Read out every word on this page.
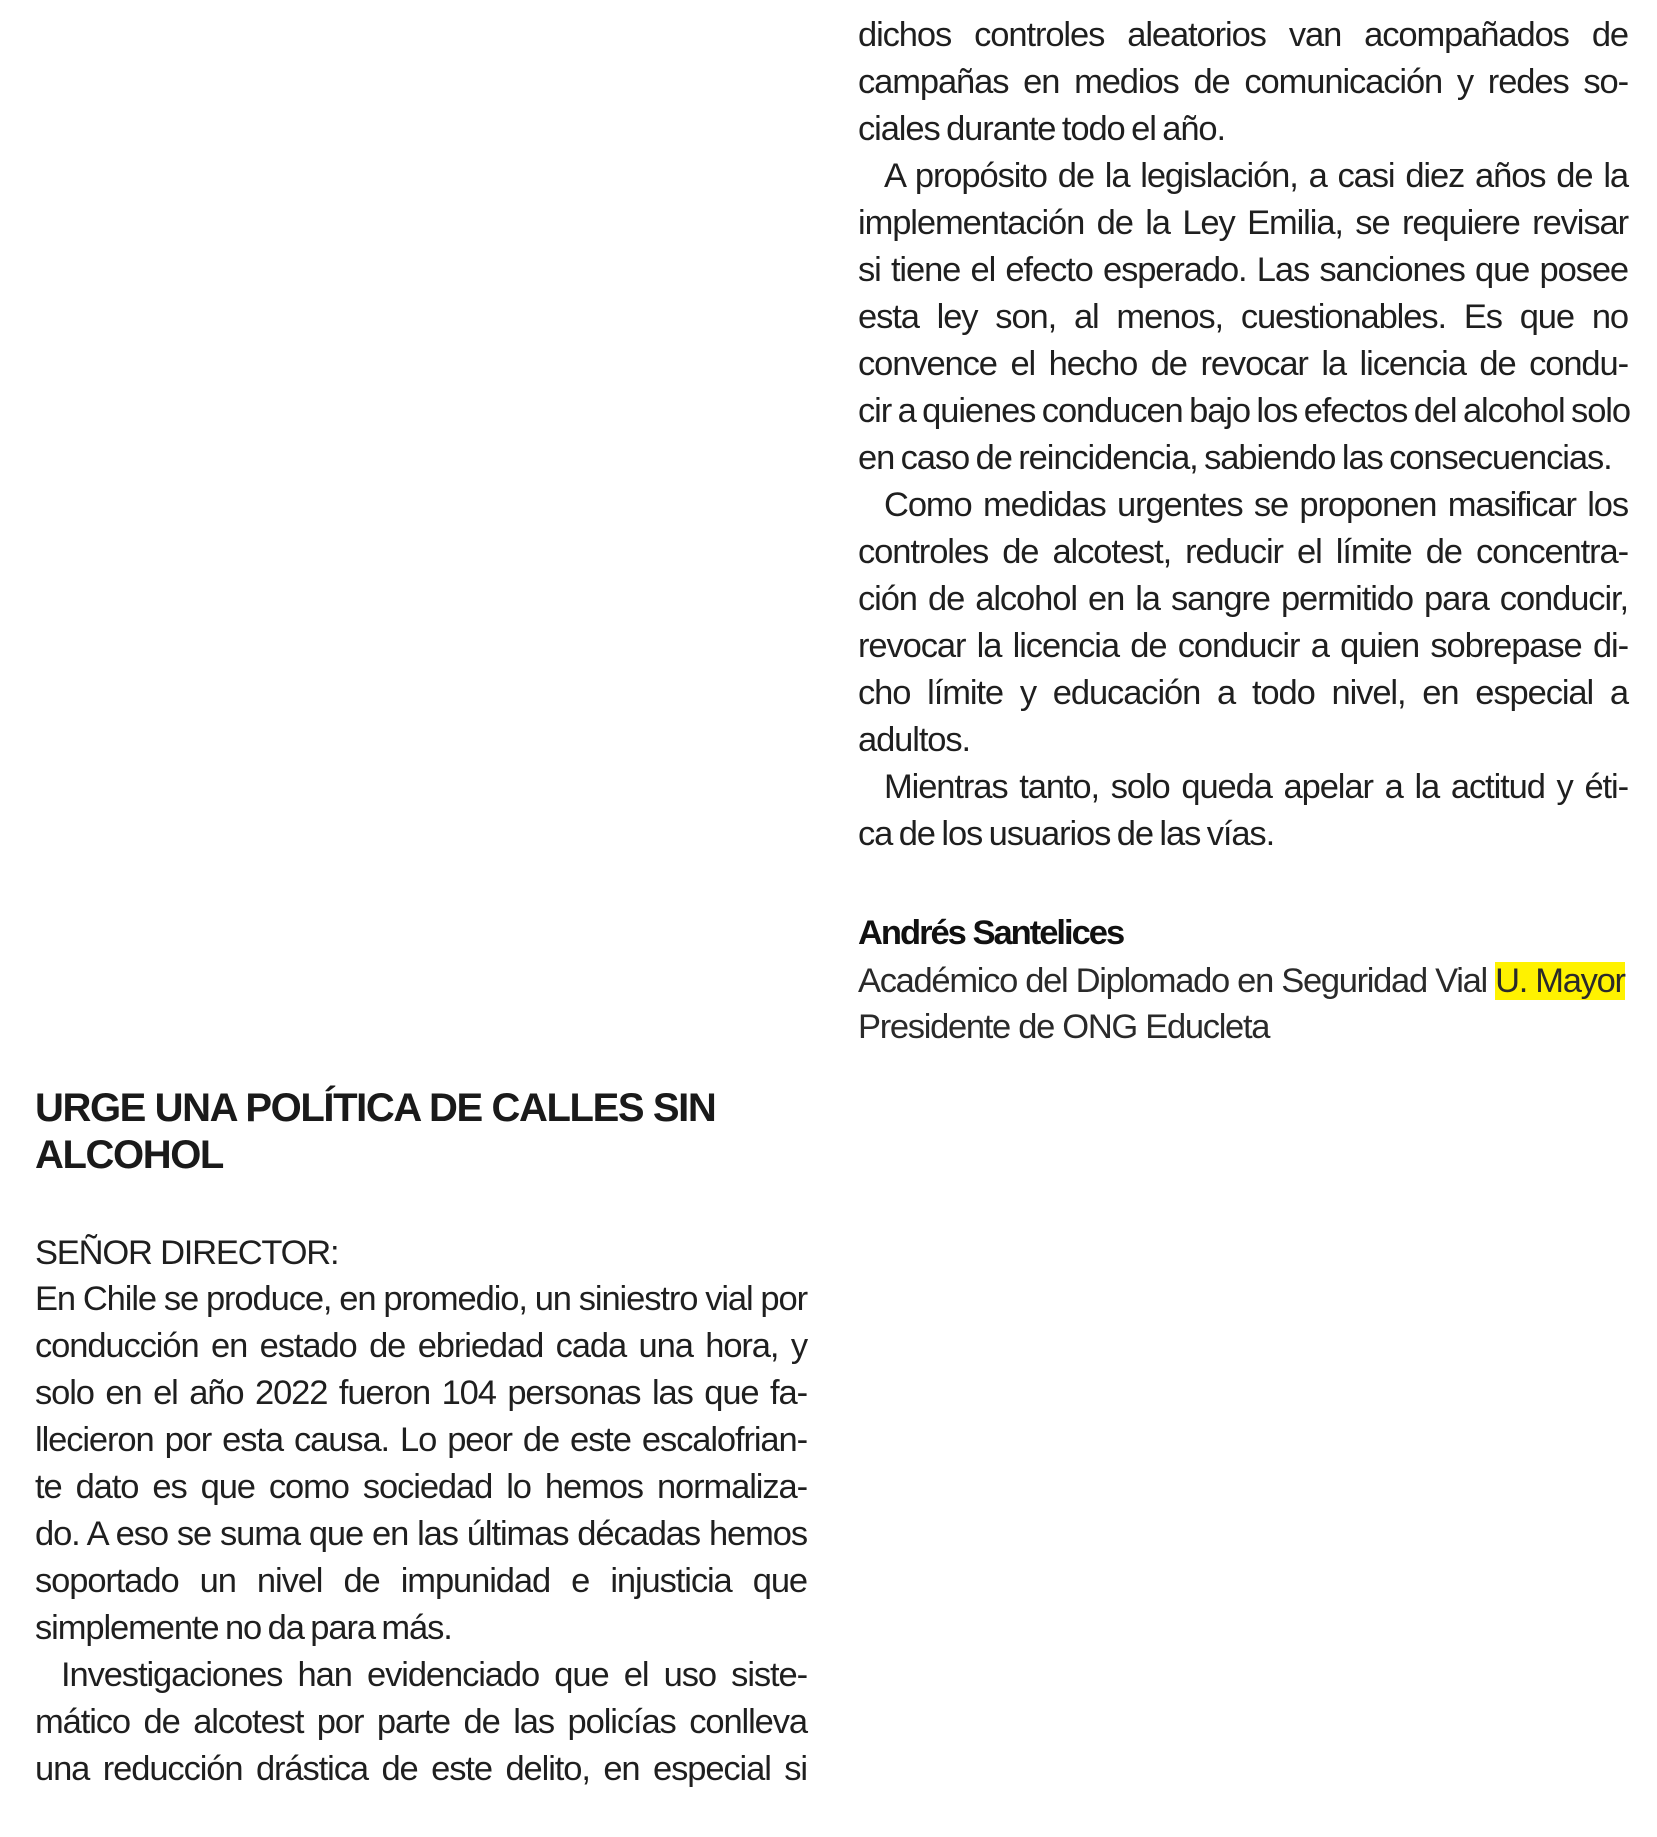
dichos controles aleatorios van acompañados de
campañas en medios de comunicación y redes so -
ciales durante todo el año.
A propósito de la legislación, a casi diez años de la
implementación de la Ley Emilia, se requiere revisar
si tiene el efecto esperado. Las sanciones que posee
esta ley son, al menos, cuestionables. Es que no
convence el hecho de revocar la licencia de condu -
cir a quienes conducen bajo los efectos del alcohol solo
en caso de reincidencia, sabiendo las consecuencias.
Como medidas urgentes se proponen masificar los
controles de alcotest, reducir el límite de concentra -
ción de alcohol en la sangre permitido para conducir,
revocar la licencia de conducir a quien sobrepase di -
cho límite y educación a todo nivel, en especial a
adultos.
Mientras tanto, solo queda apelar a la actitud y éti -
ca de los usuarios de las vías.
Andrés Santelices
Académico del Diplomado en Seguridad Vial U. Mayor
Presidente de ONG Educleta
URGE UNA POLÍTICA DE CALLES SIN ALCOHOL
SEÑOR DIRECTOR:
En Chile se produce, en promedio, un siniestro vial por
conducción en estado de ebriedad cada una hora, y
solo en el año 2022 fueron 104 personas las que fa -
llecieron por esta causa. Lo peor de este escalofrian -
te dato es que como sociedad lo hemos normaliza -
do. A eso se suma que en las últimas décadas hemos
soportado un nivel de impunidad e injusticia que
simplemente no da para más.
Investigaciones han evidenciado que el uso siste -
mático de alcotest por parte de las policías conlleva
una reducción drástica de este delito, en especial si
